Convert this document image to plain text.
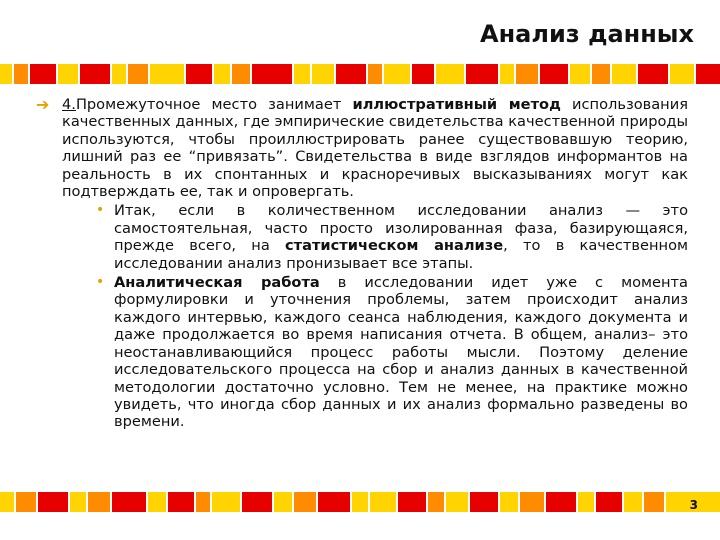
Анализ данных
➔ 4.Промежуточное место занимает иллюстративный метод использования качественных данных, где эмпирические свидетельства качественной природы используются, чтобы проиллюстрировать ранее существовавшую теорию, лишний раз ее “привязать”. Свидетельства в виде взглядов информантов на реальность в их спонтанных и красноречивых высказываниях могут как подтверждать ее, так и опровергать.
• Итак, если в количественном исследовании анализ — это самостоятельная, часто просто изолированная фаза, базирующаяся, прежде всего, на статистическом анализе, то в качественном исследовании анализ пронизывает все этапы.
• Аналитическая работа в исследовании идет уже с момента формулировки и уточнения проблемы, затем происходит анализ каждого интервью, каждого сеанса наблюдения, каждого документа и даже продолжается во время написания отчета. В общем, анализ– это неостанавливающийся процесс работы мысли. Поэтому деление исследовательского процесса на сбор и анализ данных в качественной методологии достаточно условно. Тем не менее, на практике можно увидеть, что иногда сбор данных и их анализ формально разведены во времени.
3
